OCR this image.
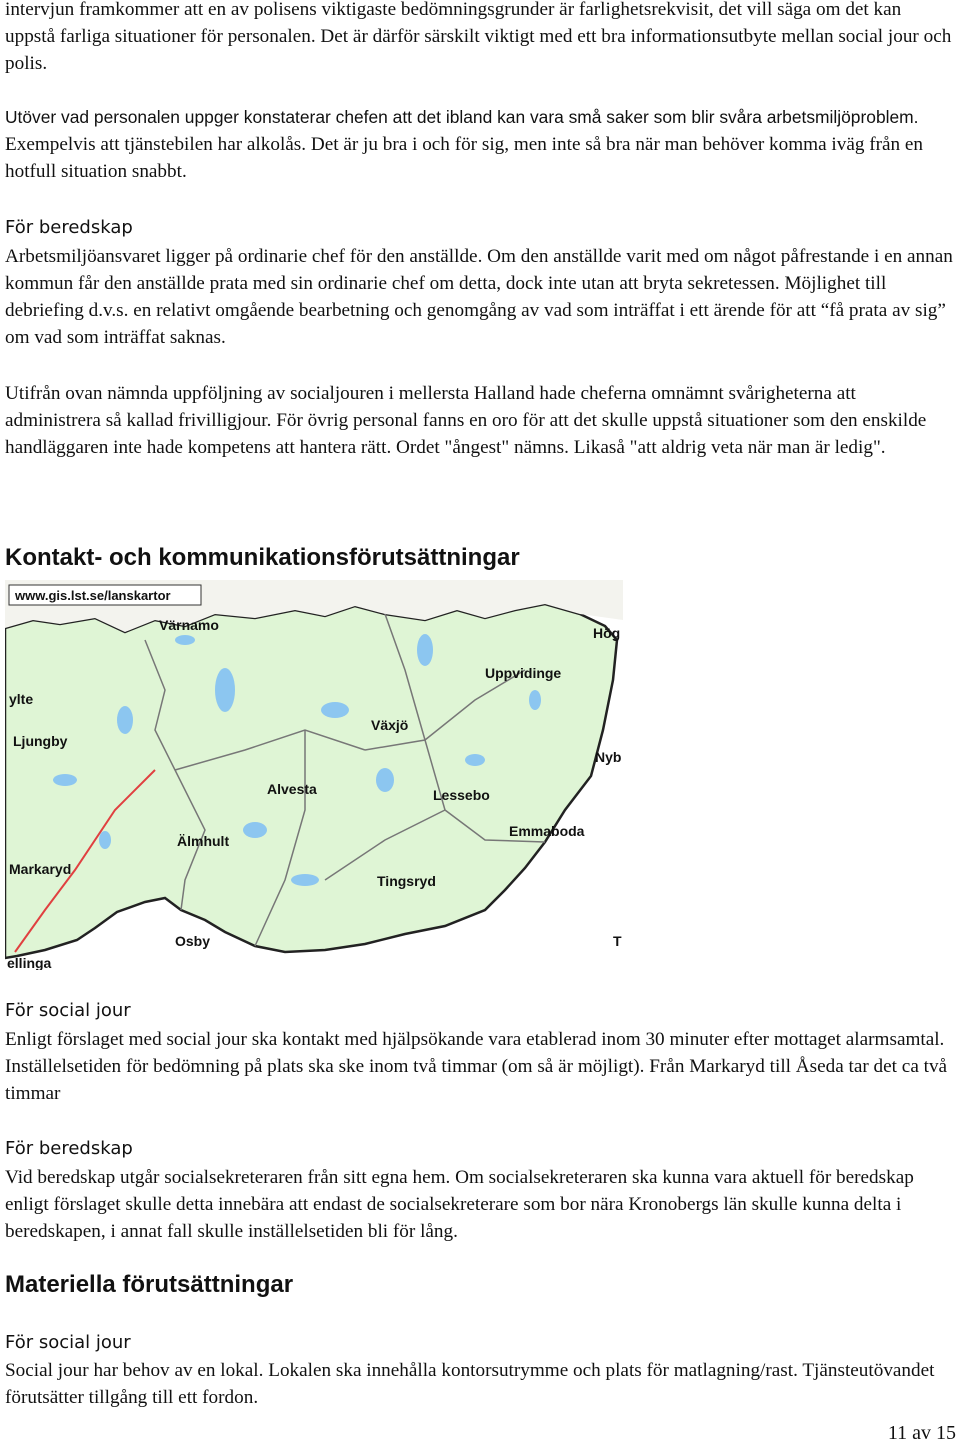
intervjun framkommer att en av polisens viktigaste bedömningsgrunder är farlighetsrekvisit, det vill säga om det kan uppstå farliga situationer för personalen. Det är därför särskilt viktigt med ett bra informationsutbyte mellan social jour och polis.

Utöver vad personalen uppger konstaterar chefen att det ibland kan vara små saker som blir svåra arbetsmiljöproblem. Exempelvis att tjänstebilen har alkolås. Det är ju bra i och för sig, men inte så bra när man behöver komma iväg från en hotfull situation snabbt.

För beredskap

Arbetsmiljöansvaret ligger på ordinarie chef för den anställde. Om den anställde varit med om något påfrestande i en annan kommun får den anställde prata med sin ordinarie chef om detta, dock inte utan att bryta sekretessen. Möjlighet till debriefing d.v.s. en relativt omgående bearbetning och genomgång av vad som inträffat i ett ärende för att “få prata av sig” om vad som inträffat saknas.

Utifrån ovan nämnda uppföljning av socialjouren i mellersta Halland hade cheferna omnämnt svårigheterna att administrera så kallad frivilligjour. För övrig personal fanns en oro för att det skulle uppstå situationer som den enskilde handläggaren inte hade kompetens att hantera rätt. Ordet "ångest" nämns. Likaså "att aldrig veta när man är ledig".

Kontakt- och kommunikationsförutsättningar
www.gis.lst.se/lanskartor
Värnamo	Hög
Uppvidinge
ylte
Växjö
Nyb
Ljungby
Alvesta	Lessebo
Emmaboda
Älmhult
Markaryd
Tingsryd
Osby
ellinga
T
För social jour

Enligt förslaget med social jour ska kontakt med hjälpsökande vara etablerad inom 30 minuter efter mottaget alarmsamtal. Inställelsetiden för bedömning på plats ska ske inom två timmar (om så är möjligt). Från Markaryd till Åseda tar det ca två timmar

För beredskap

Vid beredskap utgår socialsekreteraren från sitt egna hem. Om socialsekreteraren ska kunna vara aktuell för beredskap enligt förslaget skulle detta innebära att endast de socialsekreterare som bor nära Kronobergs län skulle kunna delta i beredskapen, i annat fall skulle inställelsetiden bli för lång.

Materiella förutsättningar
För social jour

Social jour har behov av en lokal. Lokalen ska innehålla kontorsutrymme och plats för matlagning/rast. Tjänsteutövandet förutsätter tillgång till ett fordon.

11 av 15
